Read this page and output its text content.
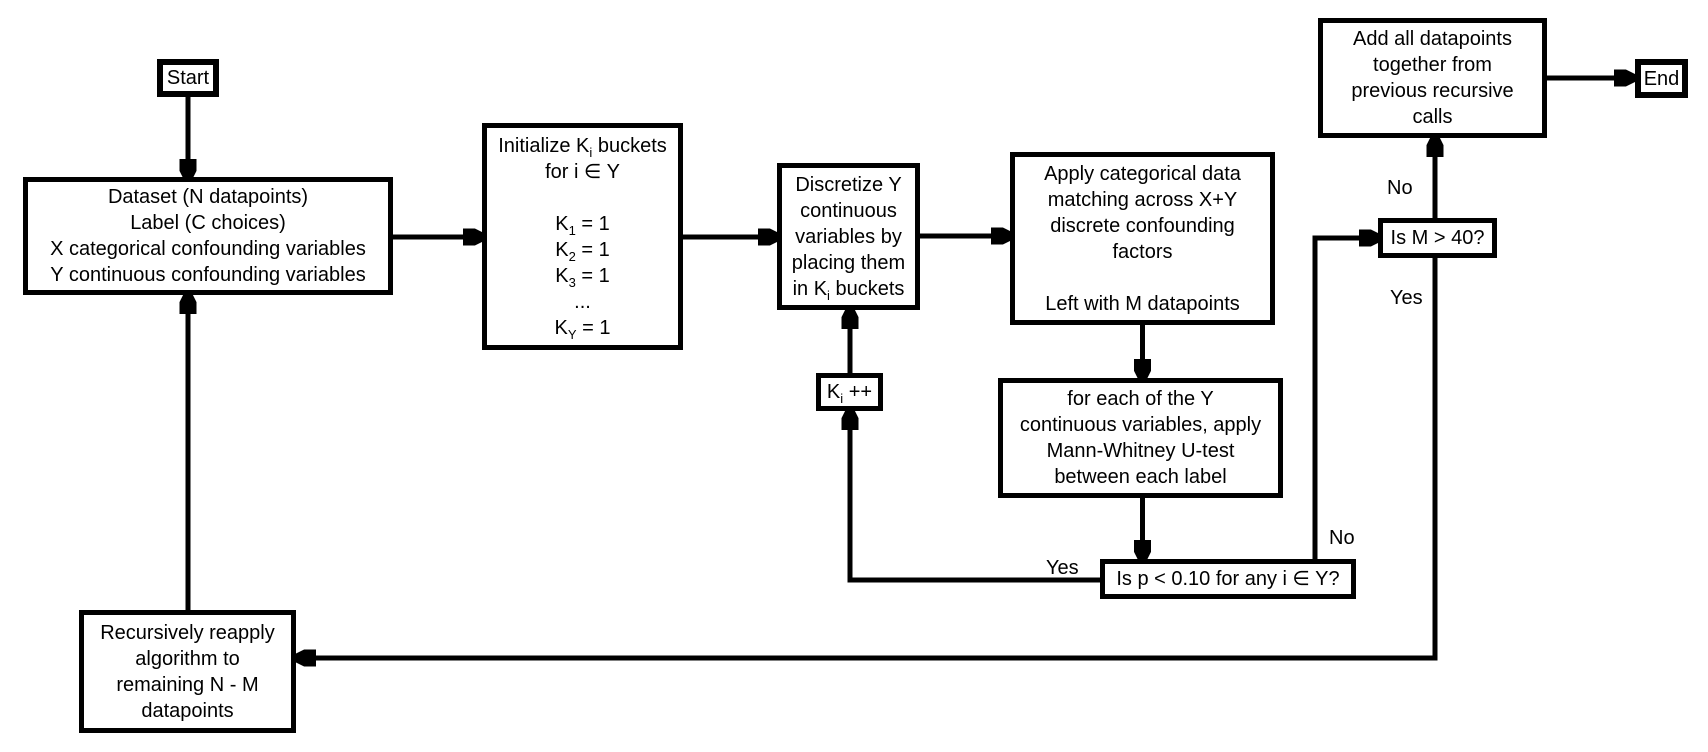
Start
Dataset (N datapoints)
Label (C choices)
X categorical confounding variables
Y continuous confounding variables
Initialize $K_i$ buckets
for i ∈ Y
$K_1 = 1$
$K_2 = 1$
$K_3 = 1$
...
$K_Y = 1$
Discretize Y
continuous
variables by
placing them
in $K_i$ buckets
Apply categorical data
matching across X+Y
discrete confounding
factors
Left with M datapoints
for each of the Y
continuous variables, apply
Mann-Whitney U-test
between each label
$K_i$ ++
Is p < 0.10 for any i ∈ Y?
Is M > 40?
Add all datapoints
together from
previous recursive
calls
End
Recursively reapply
algorithm to
remaining N - M
datapoints
Yes
No
Yes
No
